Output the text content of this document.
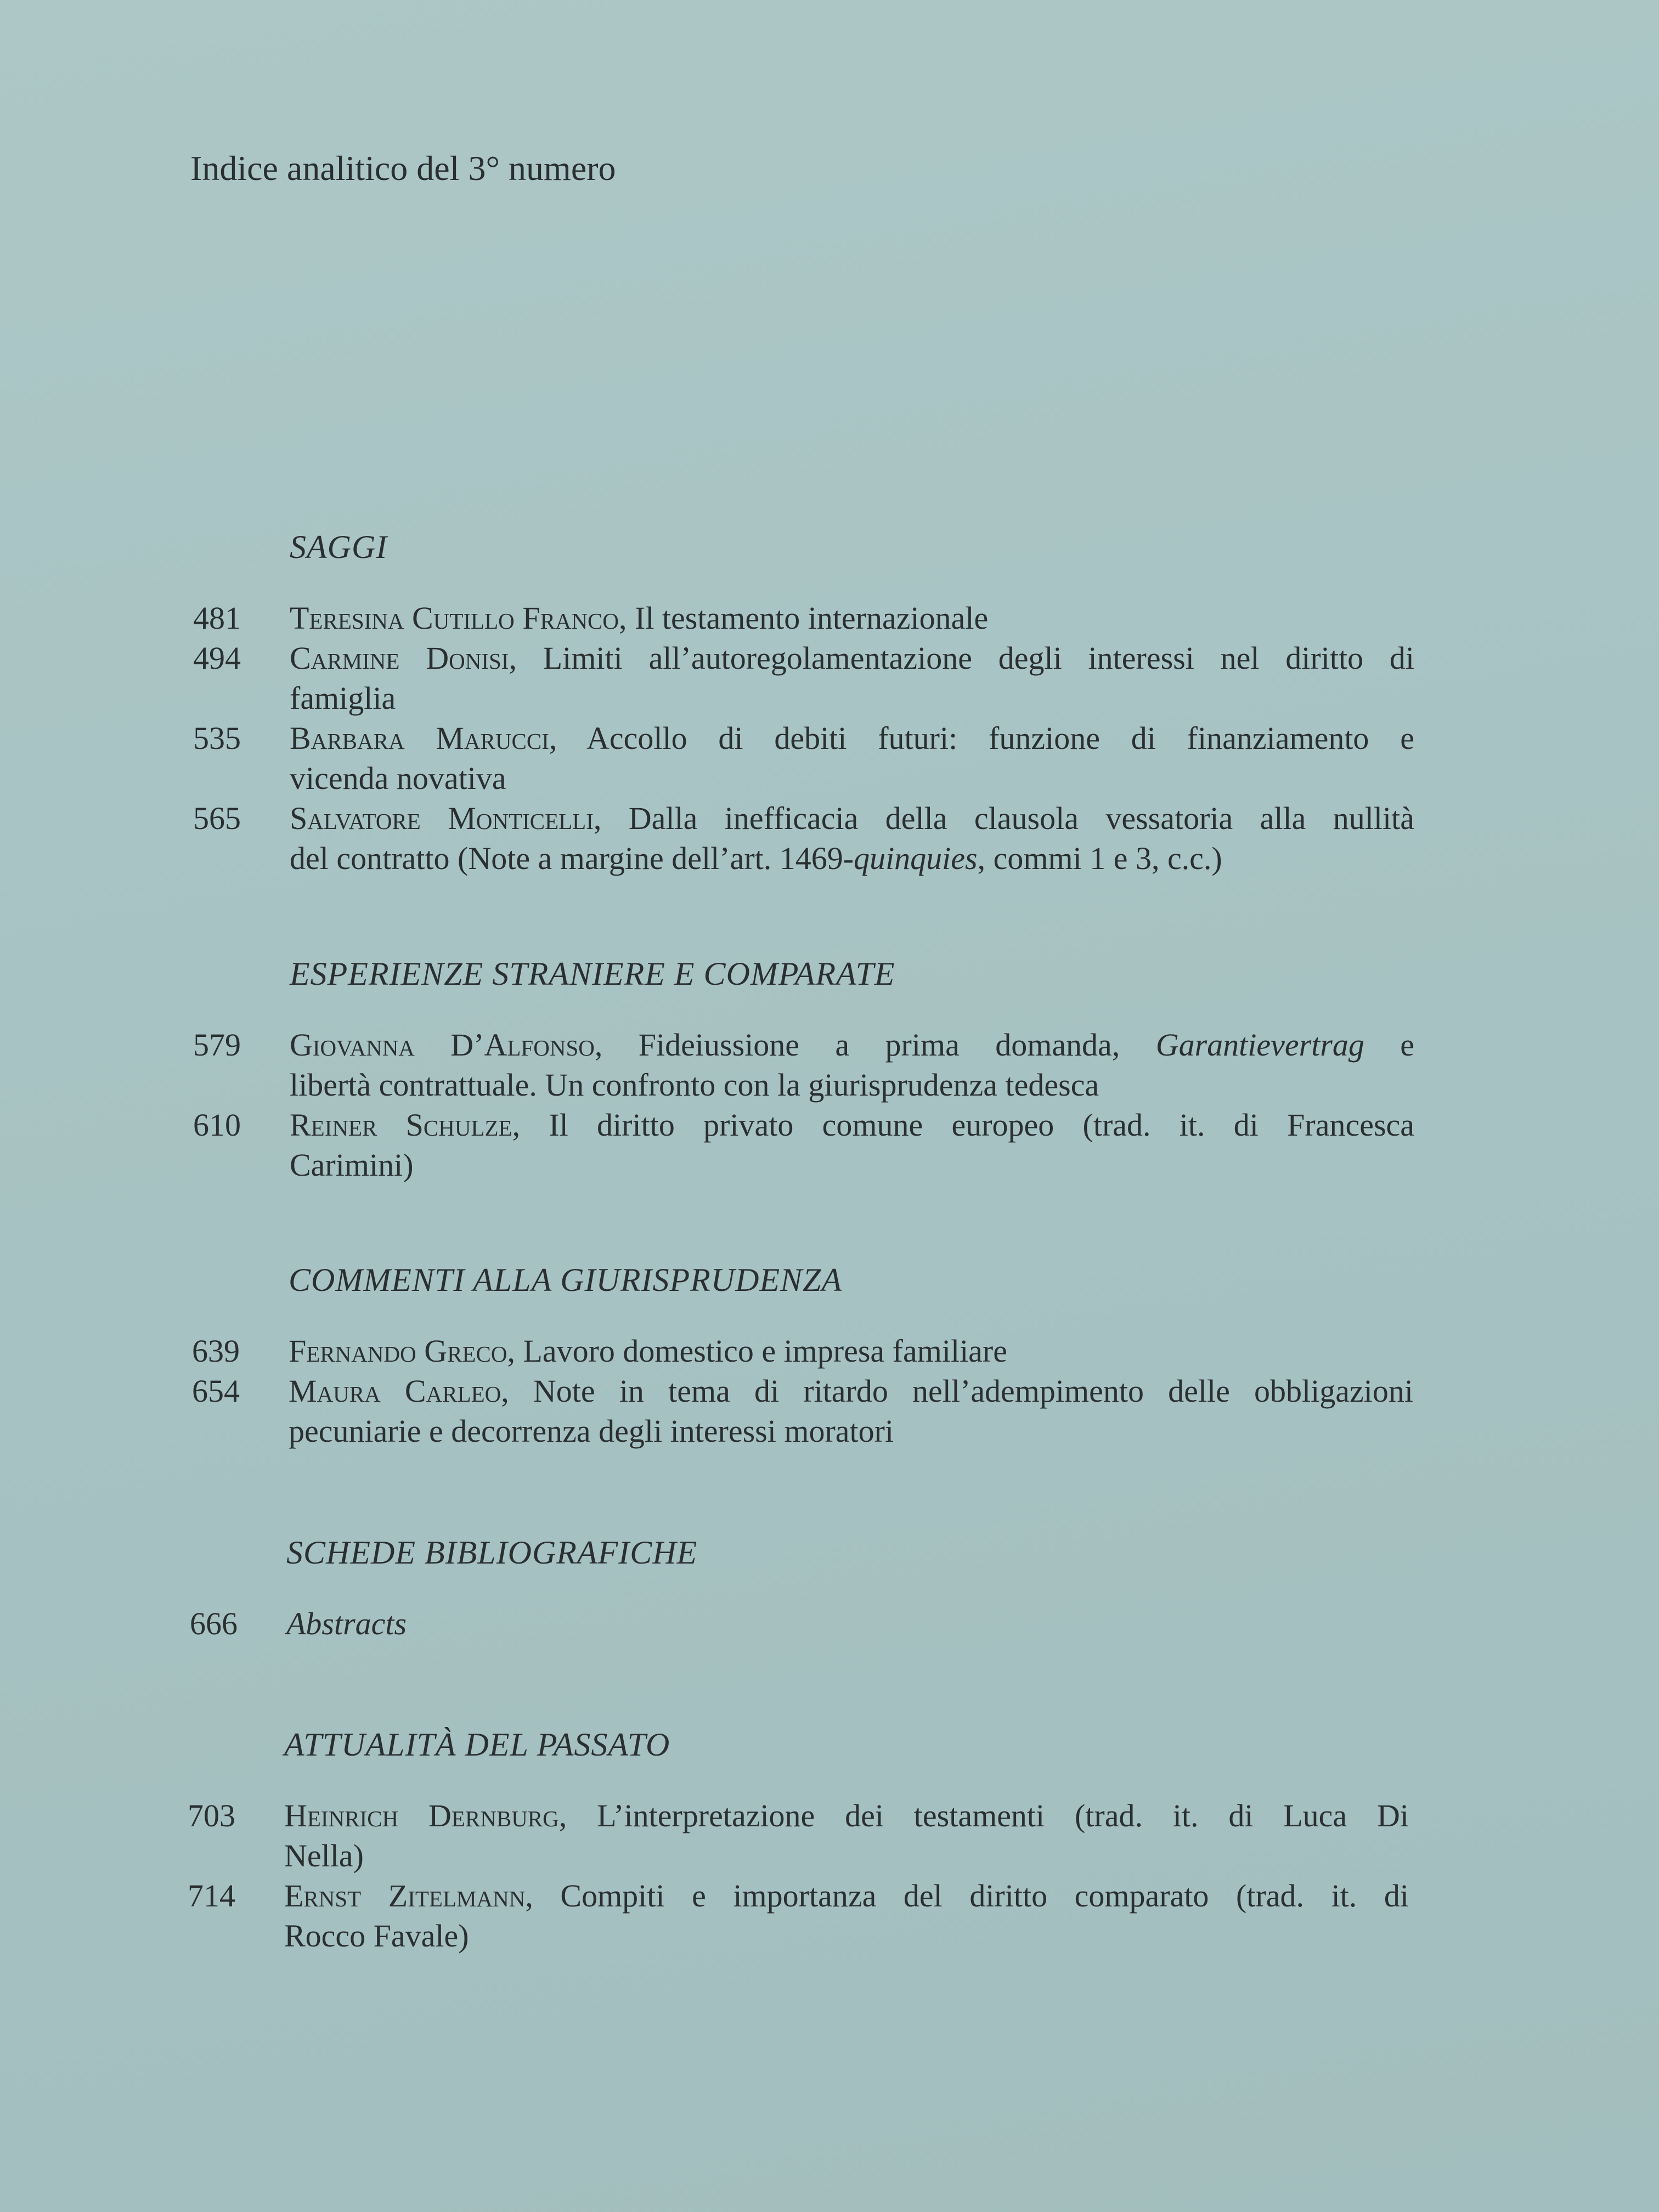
Indice analitico del 3° numero
SAGGI
481	Teresina Cutillo Franco, Il testamento internazionale
494	Carmine Donisi, Limiti all’autoregolamentazione degli interessi nel diritto di
famiglia
535	Barbara Marucci, Accollo di debiti futuri: funzione di finanziamento e
vicenda novativa
565	Salvatore Monticelli, Dalla inefficacia della clausola vessatoria alla nullità
del contratto (Note a margine dell’art. 1469-quinquies, commi 1 e 3, c.c.)
ESPERIENZE STRANIERE E COMPARATE
579	Giovanna D’Alfonso, Fideiussione a prima domanda, Garantievertrag e
libertà contrattuale. Un confronto con la giurisprudenza tedesca
610	Reiner Schulze, Il diritto privato comune europeo (trad. it. di Francesca
Carimini)
COMMENTI ALLA GIURISPRUDENZA
639	Fernando Greco, Lavoro domestico e impresa familiare
654	Maura Carleo, Note in tema di ritardo nell’adempimento delle obbligazioni
pecuniarie e decorrenza degli interessi moratori
SCHEDE BIBLIOGRAFICHE
666	Abstracts
ATTUALITÀ DEL PASSATO
703	Heinrich Dernburg, L’interpretazione dei testamenti (trad. it. di Luca Di
Nella)
714	Ernst Zitelmann, Compiti e importanza del diritto comparato (trad. it. di
Rocco Favale)
